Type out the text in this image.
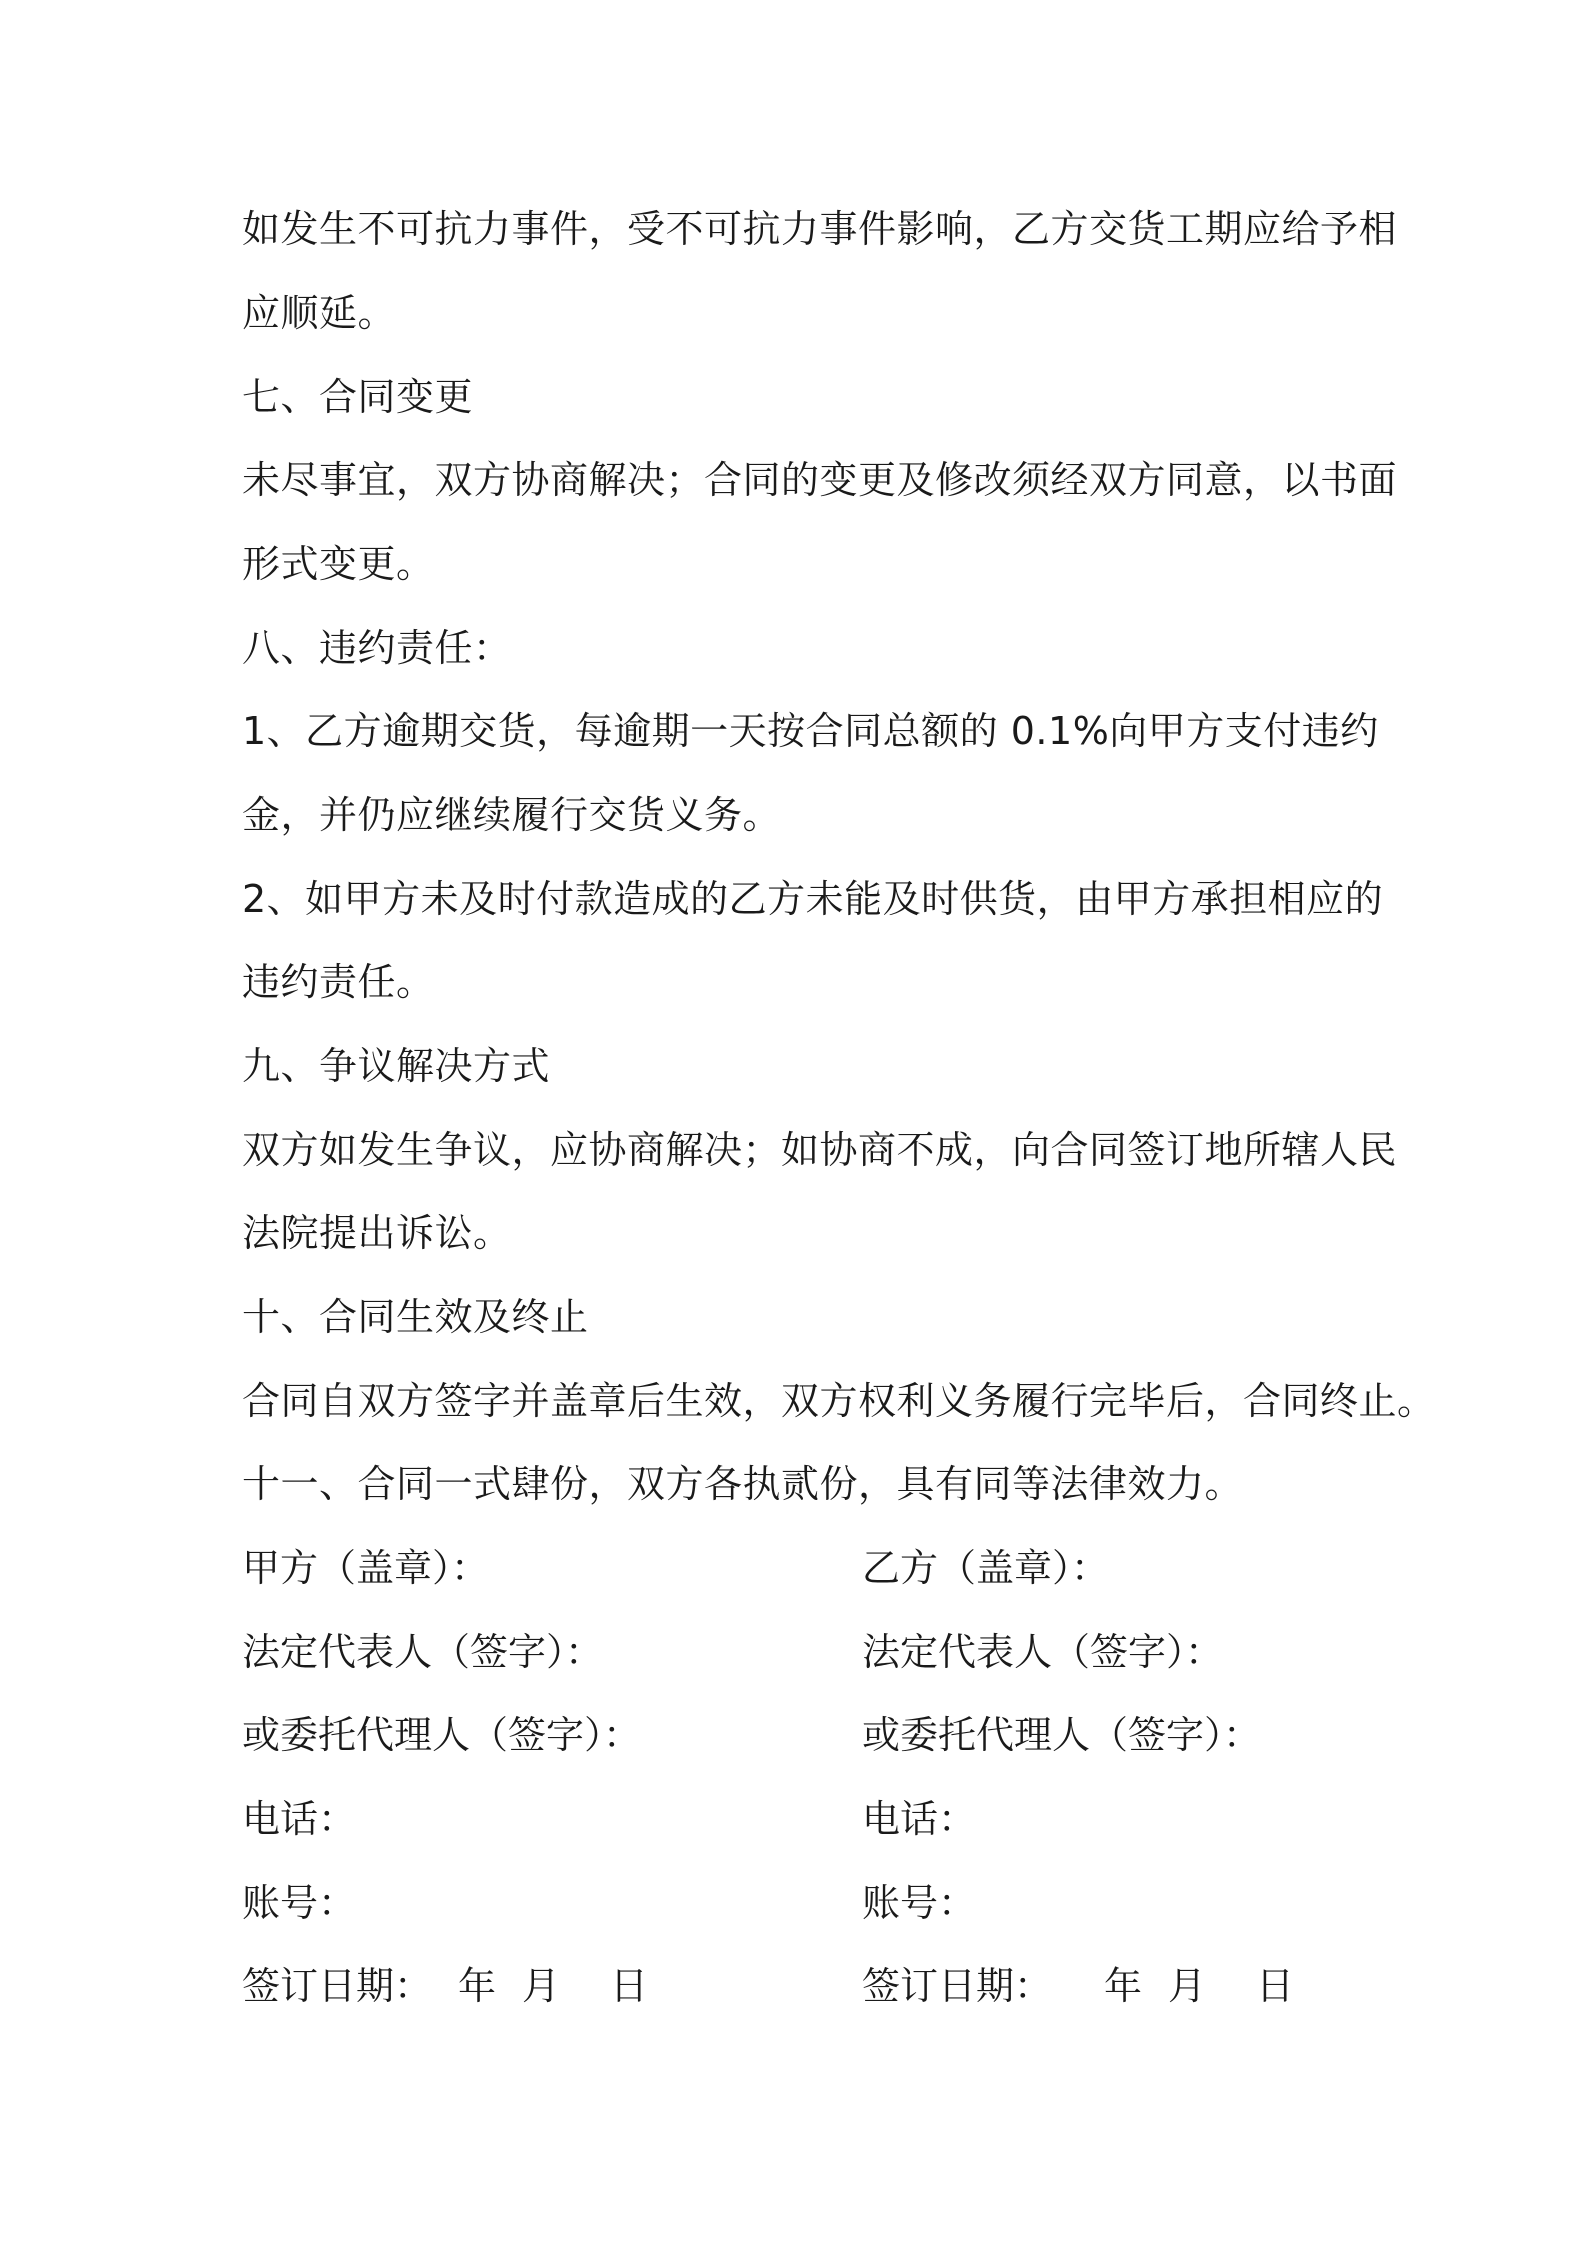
如发生不可抗力事件，受不可抗力事件影响，乙方交货工期应给予相
应顺延。
七、合同变更
未尽事宜，双方协商解决；合同的变更及修改须经双方同意，以书面
形式变更。
八、违约责任：
1、乙方逾期交货，每逾期一天按合同总额的 0.1%向甲方支付违约
金，并仍应继续履行交货义务。
2、如甲方未及时付款造成的乙方未能及时供货，由甲方承担相应的
违约责任。
九、争议解决方式
双方如发生争议，应协商解决；如协商不成，向合同签订地所辖人民
法院提出诉讼。
十、合同生效及终止
合同自双方签字并盖章后生效，双方权利义务履行完毕后，合同终止。
十一、合同一式肆份，双方各执贰份，具有同等法律效力。
甲方（盖章）：	乙方（盖章）：
法定代表人（签字）：	法定代表人（签字）：
或委托代理人（签字）：	或委托代理人（签字）：
电话：	电话：
账号：	账号：
签订日期： 年 月 日	签订日期： 年 月 日
